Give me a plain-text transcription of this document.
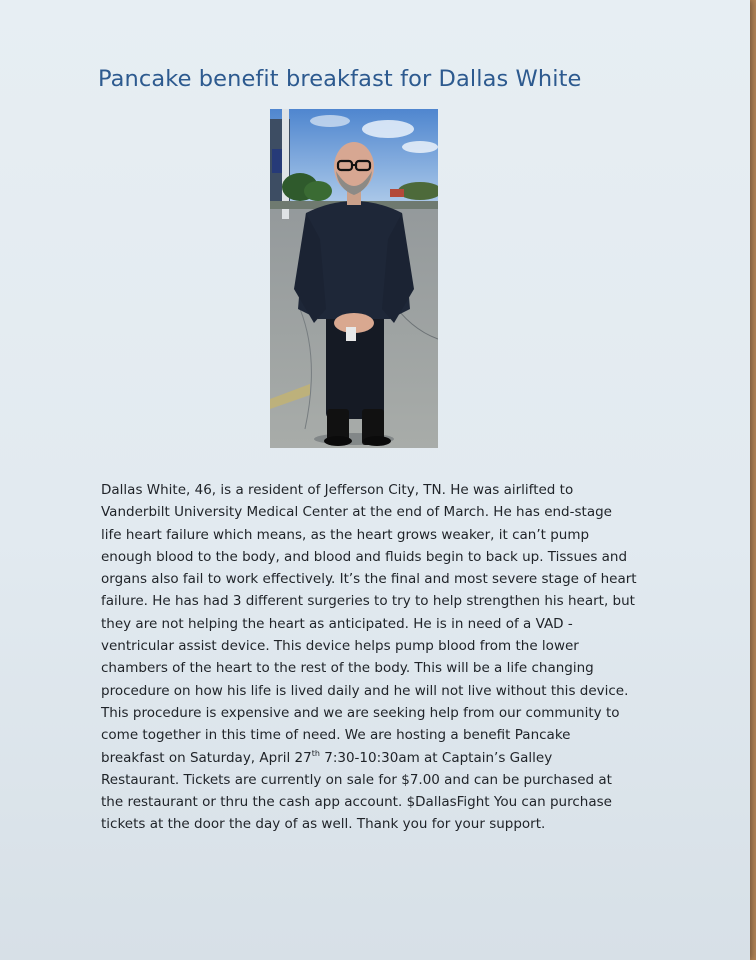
Pancake benefit breakfast for Dallas White
Dallas White, 46, is a resident of Jefferson City, TN. He was airlifted to
Vanderbilt University Medical Center at the end of March. He has end-stage
life heart failure which means, as the heart grows weaker, it can’t pump
enough blood to the body, and blood and fluids begin to back up. Tissues and
organs also fail to work effectively. It’s the final and most severe stage of heart
failure. He has had 3 different surgeries to try to help strengthen his heart, but
they are not helping the heart as anticipated. He is in need of a VAD -
ventricular assist device. This device helps pump blood from the lower
chambers of the heart to the rest of the body. This will be a life changing
procedure on how his life is lived daily and he will not live without this device.
This procedure is expensive and we are seeking help from our community to
come together in this time of need. We are hosting a benefit Pancake
breakfast on Saturday, April 27th 7:30-10:30am at Captain’s Galley
Restaurant. Tickets are currently on sale for $7.00 and can be purchased at
the restaurant or thru the cash app account. $DallasFight You can purchase
tickets at the door the day of as well. Thank you for your support.
